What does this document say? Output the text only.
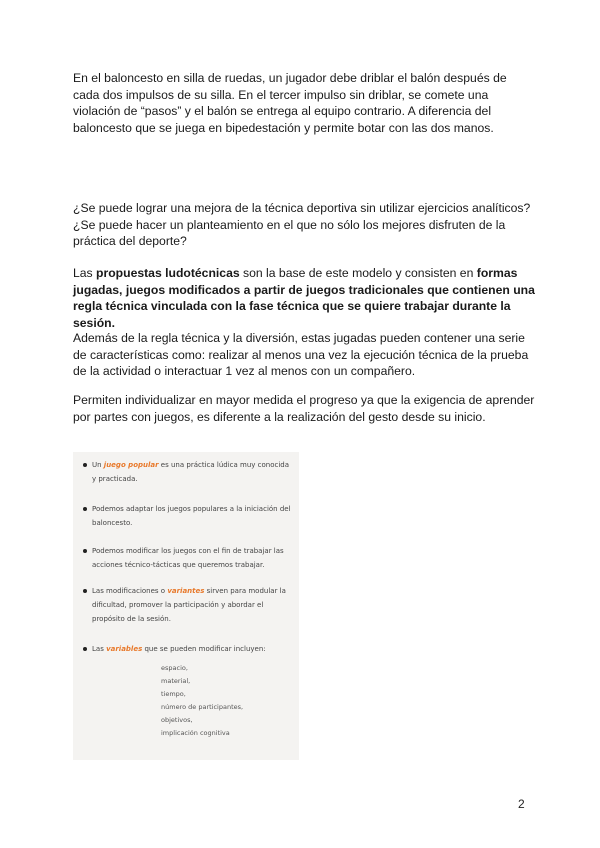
En el baloncesto en silla de ruedas, un jugador debe driblar el balón después de cada dos impulsos de su silla. En el tercer impulso sin driblar, se comete una violación de “pasos” y el balón se entrega al equipo contrario. A diferencia del baloncesto que se juega en bipedestación y permite botar con las dos manos.

¿Se puede lograr una mejora de la técnica deportiva sin utilizar ejercicios analíticos? ¿Se puede hacer un planteamiento en el que no sólo los mejores disfruten de la práctica del deporte?

Las propuestas ludotécnicas son la base de este modelo y consisten en formas jugadas, juegos modificados a partir de juegos tradicionales que contienen una regla técnica vinculada con la fase técnica que se quiere trabajar durante la sesión.

Además de la regla técnica y la diversión, estas jugadas pueden contener una serie de características como: realizar al menos una vez la ejecución técnica de la prueba de la actividad o interactuar 1 vez al menos con un compañero.

Permiten individualizar en mayor medida el progreso ya que la exigencia de aprender por partes con juegos, es diferente a la realización del gesto desde su inicio.

Un juego popular es una práctica lúdica muy conocida y practicada.
Podemos adaptar los juegos populares a la iniciación del baloncesto.
Podemos modificar los juegos con el fin de trabajar las acciones técnico-tácticas que queremos trabajar.
Las modificaciones o variantes sirven para modular la dificultad, promover la participación y abordar el propósito de la sesión.
Las variables que se pueden modificar incluyen:
espacio,
material,
tiempo,
número de participantes,
objetivos,
implicación cognitiva
2
